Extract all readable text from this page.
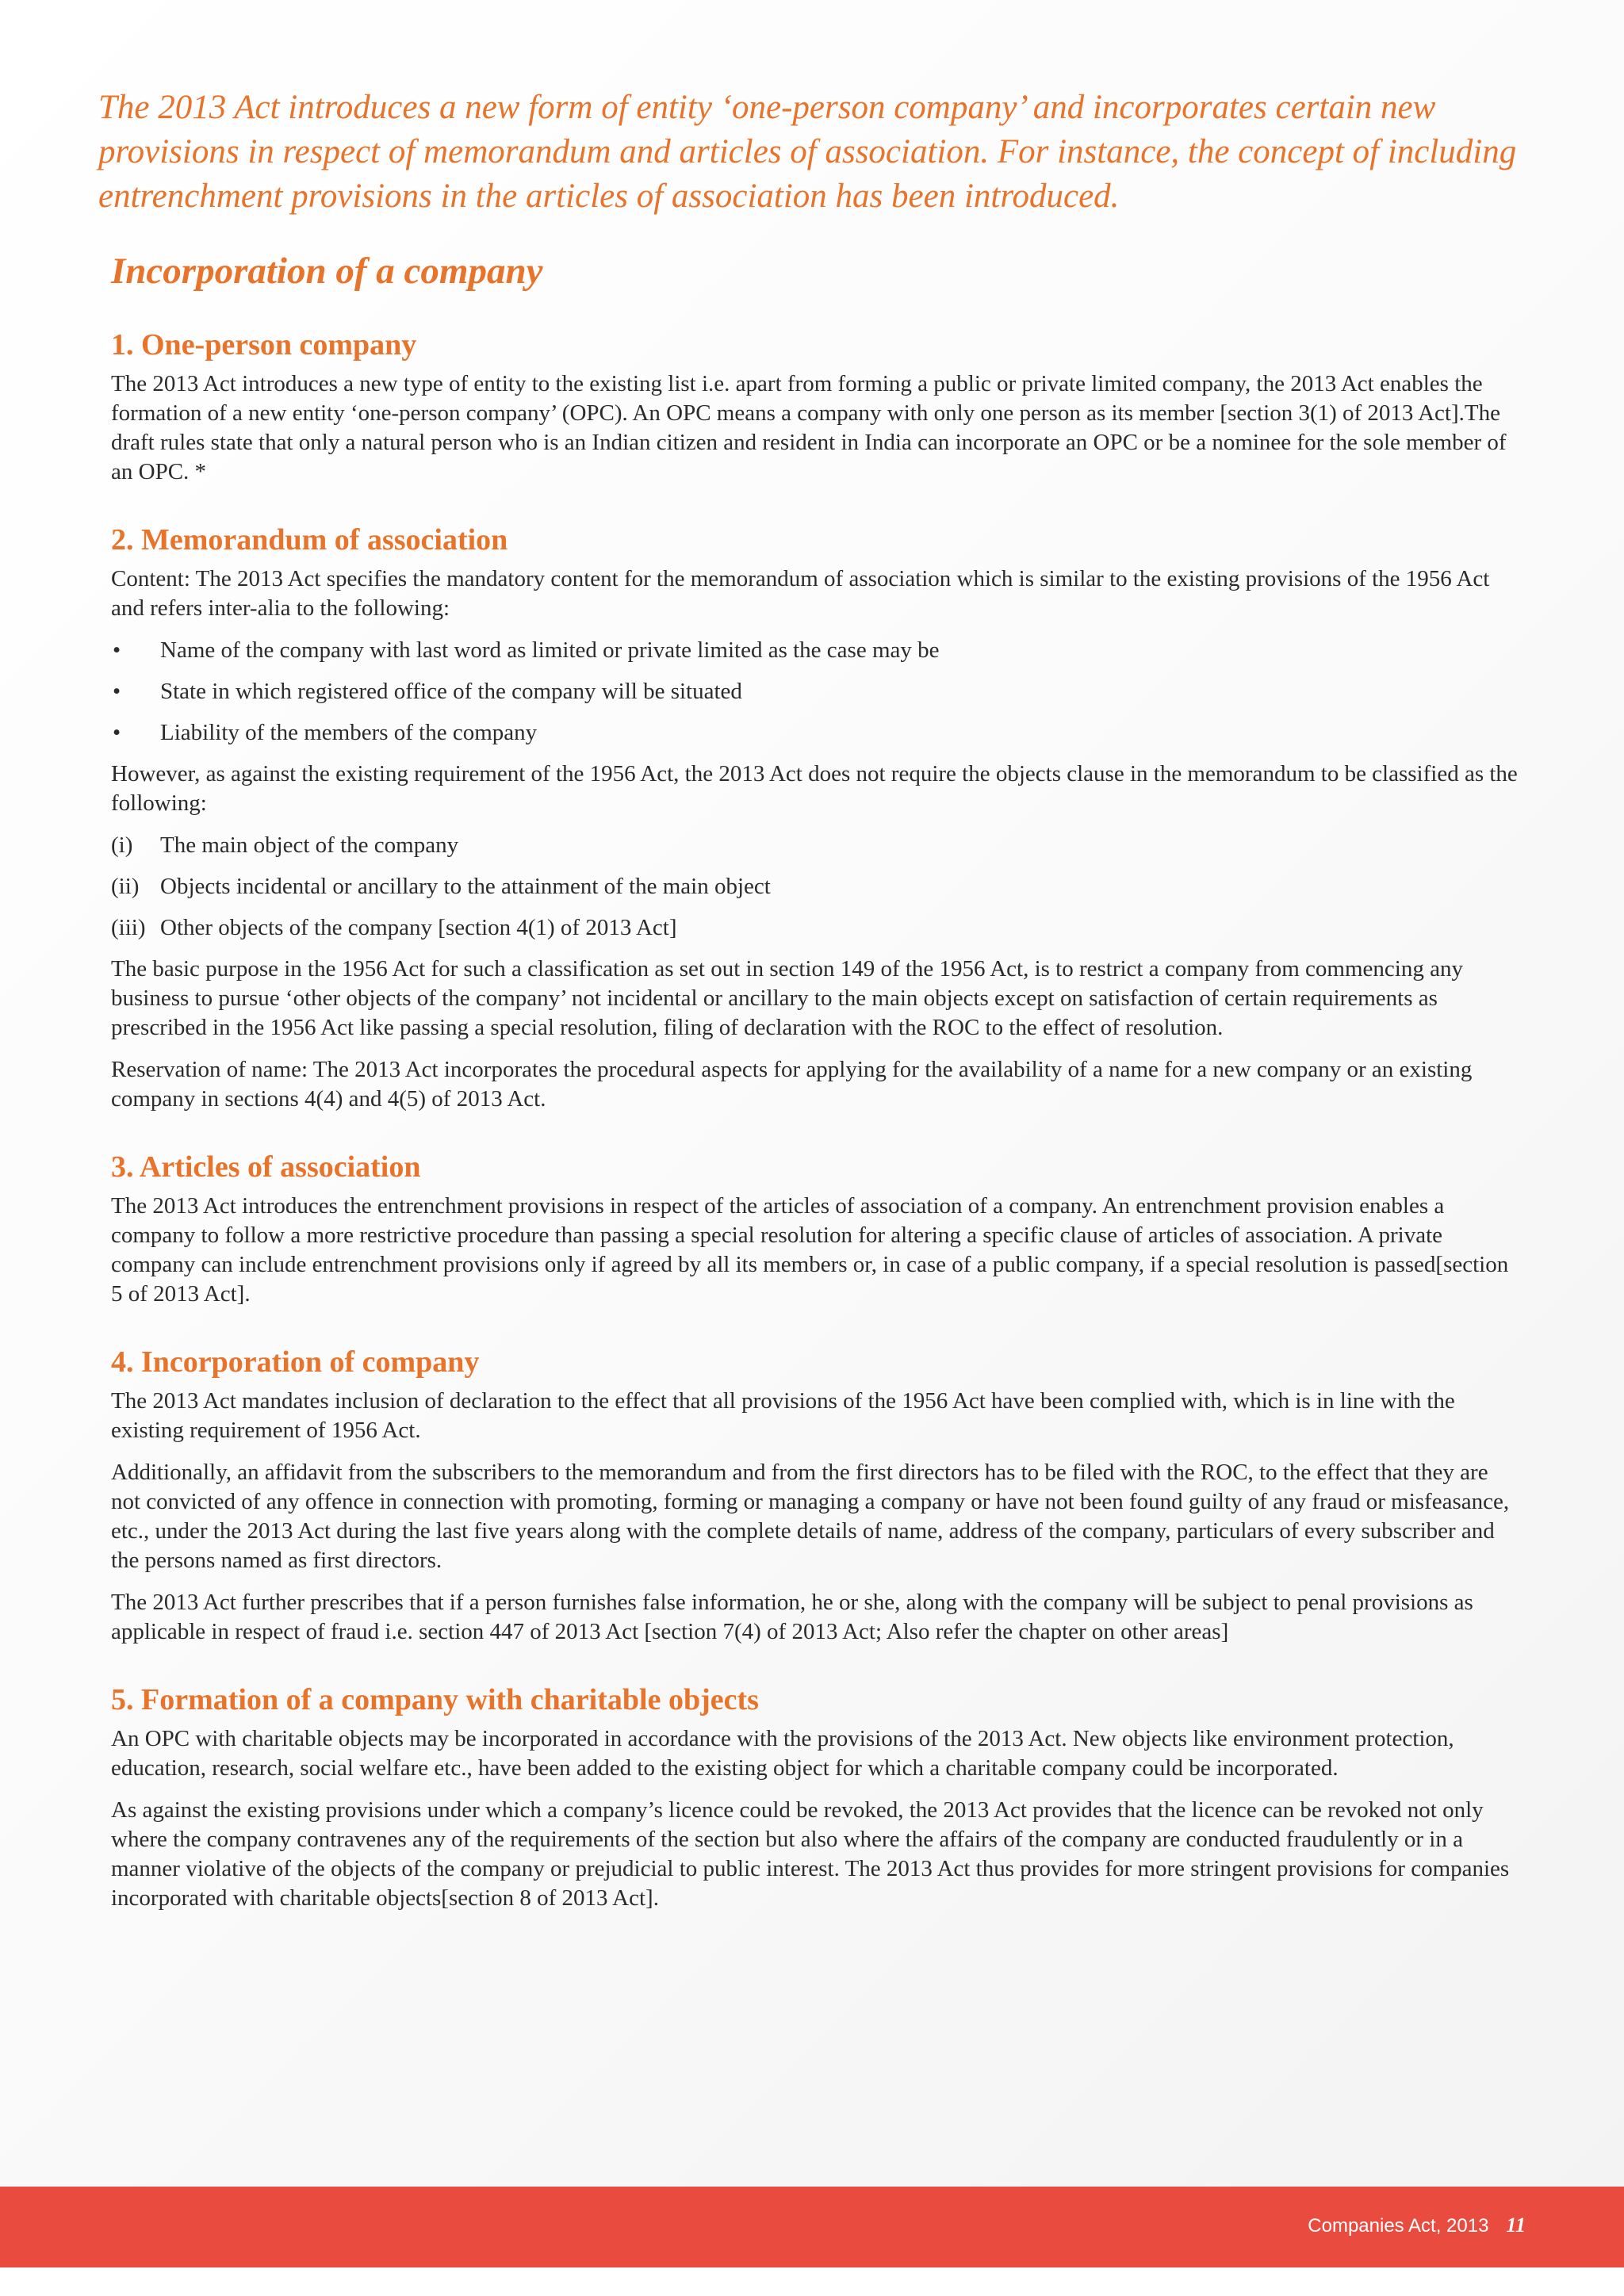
The 2013 Act introduces a new form of entity ‘one-person company’ and incorporates certain new provisions in respect of memorandum and articles of association. For instance, the concept of including entrenchment provisions in the articles of association has been introduced.

Incorporation of a company
1. One-person company

The 2013 Act introduces a new type of entity to the existing list i.e. apart from forming a public or private limited company, the 2013 Act enables the formation of a new entity ‘one-person company’ (OPC). An OPC means a company with only one person as its member [section 3(1) of 2013 Act].The draft rules state that only a natural person who is an Indian citizen and resident in India can incorporate an OPC or be a nominee for the sole member of an OPC. *

2. Memorandum of association

Content: The 2013 Act specifies the mandatory content for the memorandum of association which is similar to the existing provisions of the 1956 Act and refers inter-alia to the following:

• Name of the company with last word as limited or private limited as the case may be
• State in which registered office of the company will be situated
• Liability of the members of the company

However, as against the existing requirement of the 1956 Act, the 2013 Act does not require the objects clause in the memorandum to be classified as the following:

(i) The main object of the company
(ii) Objects incidental or ancillary to the attainment of the main object
(iii) Other objects of the company [section 4(1) of 2013 Act]

The basic purpose in the 1956 Act for such a classification as set out in section 149 of the 1956 Act, is to restrict a company from commencing any business to pursue ‘other objects of the company’ not incidental or ancillary to the main objects except on satisfaction of certain requirements as prescribed in the 1956 Act like passing a special resolution, filing of declaration with the ROC to the effect of resolution.

Reservation of name: The 2013 Act incorporates the procedural aspects for applying for the availability of a name for a new company or an existing company in sections 4(4) and 4(5) of 2013 Act.

3. Articles of association

The 2013 Act introduces the entrenchment provisions in respect of the articles of association of a company. An entrenchment provision enables a company to follow a more restrictive procedure than passing a special resolution for altering a specific clause of articles of association. A private company can include entrenchment provisions only if agreed by all its members or, in case of a public company, if a special resolution is passed[section 5 of 2013 Act].

4. Incorporation of company

The 2013 Act mandates inclusion of declaration to the effect that all provisions of the 1956 Act have been complied with, which is in line with the existing requirement of 1956 Act.

Additionally, an affidavit from the subscribers to the memorandum and from the first directors has to be filed with the ROC, to the effect that they are not convicted of any offence in connection with promoting, forming or managing a company or have not been found guilty of any fraud or misfeasance, etc., under the 2013 Act during the last five years along with the complete details of name, address of the company, particulars of every subscriber and the persons named as first directors.

The 2013 Act further prescribes that if a person furnishes false information, he or she, along with the company will be subject to penal provisions as applicable in respect of fraud i.e. section 447 of 2013 Act [section 7(4) of 2013 Act; Also refer the chapter on other areas]

5. Formation of a company with charitable objects

An OPC with charitable objects may be incorporated in accordance with the provisions of the 2013 Act. New objects like environment protection, education, research, social welfare etc., have been added to the existing object for which a charitable company could be incorporated.

As against the existing provisions under which a company’s licence could be revoked, the 2013 Act provides that the licence can be revoked not only where the company contravenes any of the requirements of the section but also where the affairs of the company are conducted fraudulently or in a manner violative of the objects of the company or prejudicial to public interest. The 2013 Act thus provides for more stringent provisions for companies incorporated with charitable objects[section 8 of 2013 Act].

Companies Act, 2013 11
